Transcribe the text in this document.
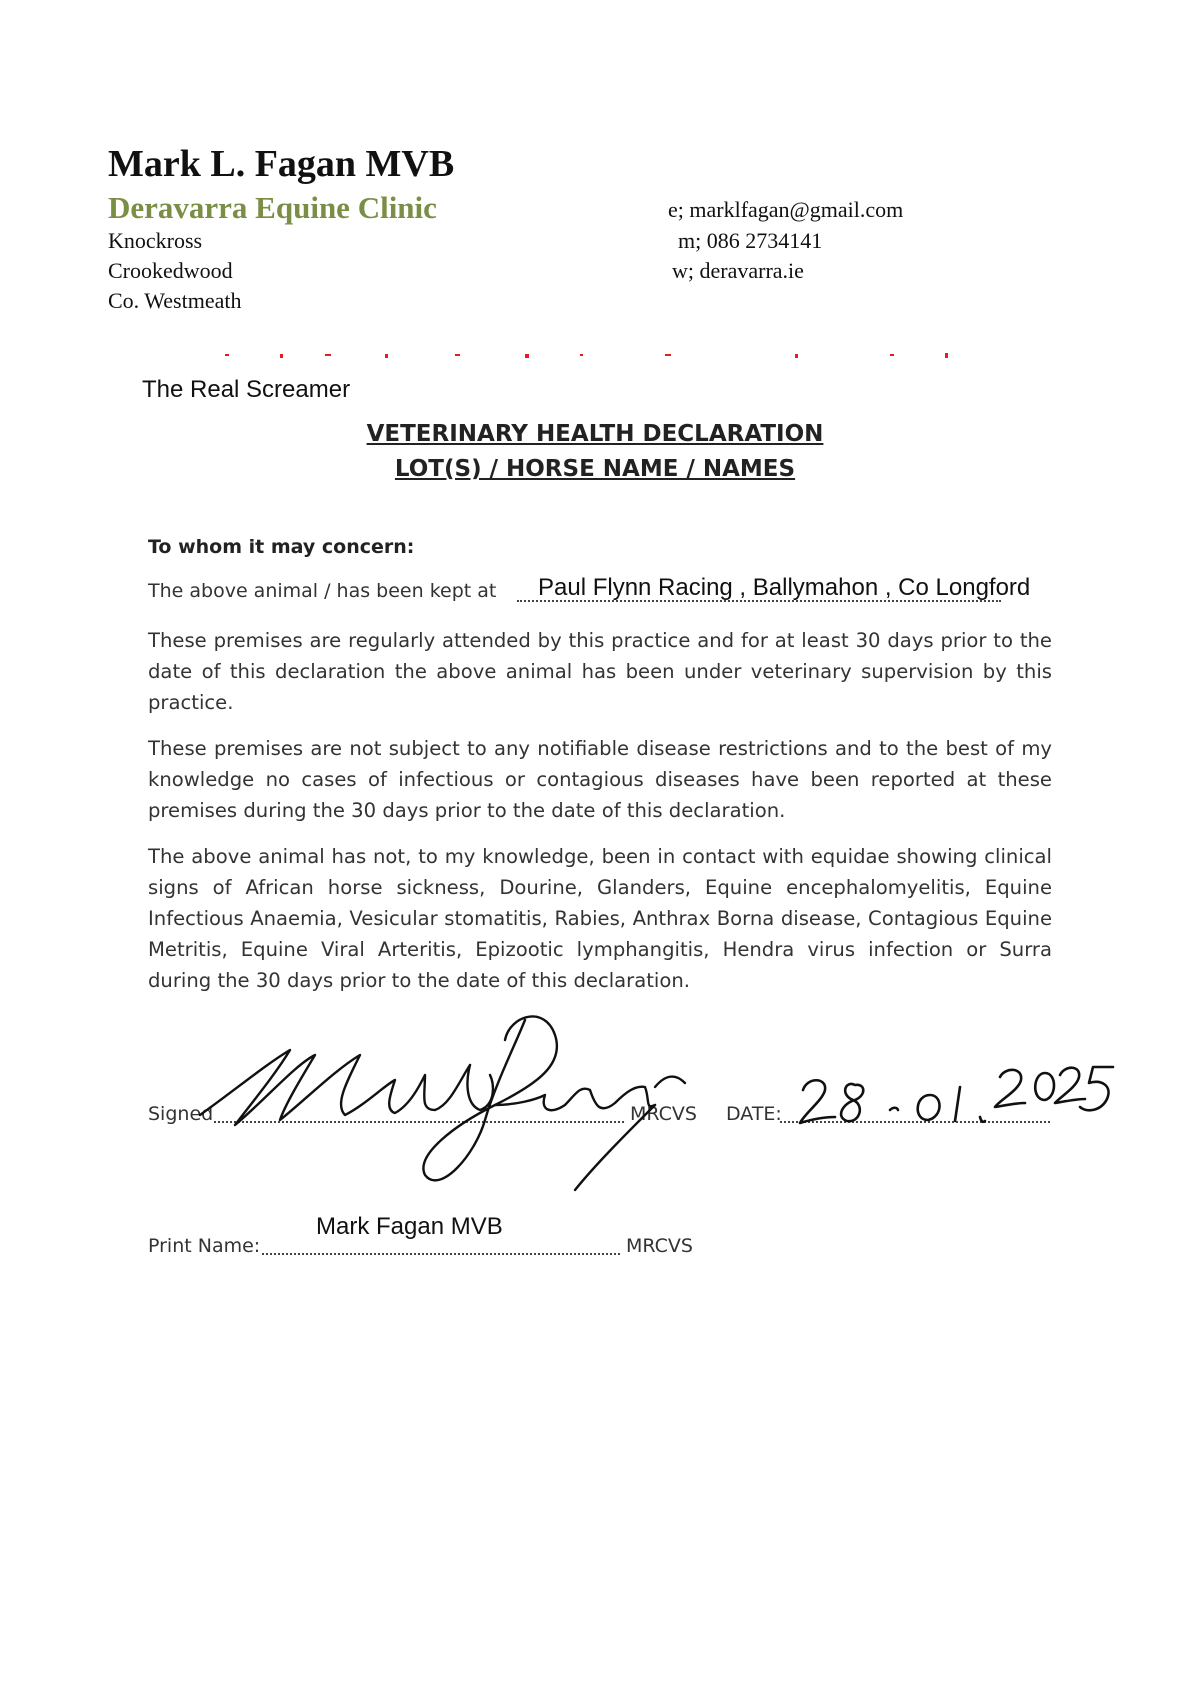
Mark L. Fagan MVB
Deravarra Equine Clinic
Knockross
Crookedwood
Co. Westmeath
e; marklfagan@gmail.com
m; 086 2734141
w; deravarra.ie
The Real Screamer
VETERINARY HEALTH DECLARATION
LOT(S) / HORSE NAME / NAMES
To whom it may concern:
The above animal / has been kept at Paul Flynn Racing , Ballymahon , Co Longford
These premises are regularly attended by this practice and for at least 30 days prior to the date of this declaration the above animal has been under veterinary supervision by this practice.
These premises are not subject to any notifiable disease restrictions and to the best of my knowledge no cases of infectious or contagious diseases have been reported at these premises during the 30 days prior to the date of this declaration.
The above animal has not, to my knowledge, been in contact with equidae showing clinical signs of African horse sickness, Dourine, Glanders, Equine encephalomyelitis, Equine Infectious Anaemia, Vesicular stomatitis, Rabies, Anthrax Borna disease, Contagious Equine Metritis, Equine Viral Arteritis, Epizootic lymphangitis, Hendra virus infection or Surra during the 30 days prior to the date of this declaration.
Signed	MRCVS DATE:
Print Name:
Mark Fagan MVB
MRCVS
